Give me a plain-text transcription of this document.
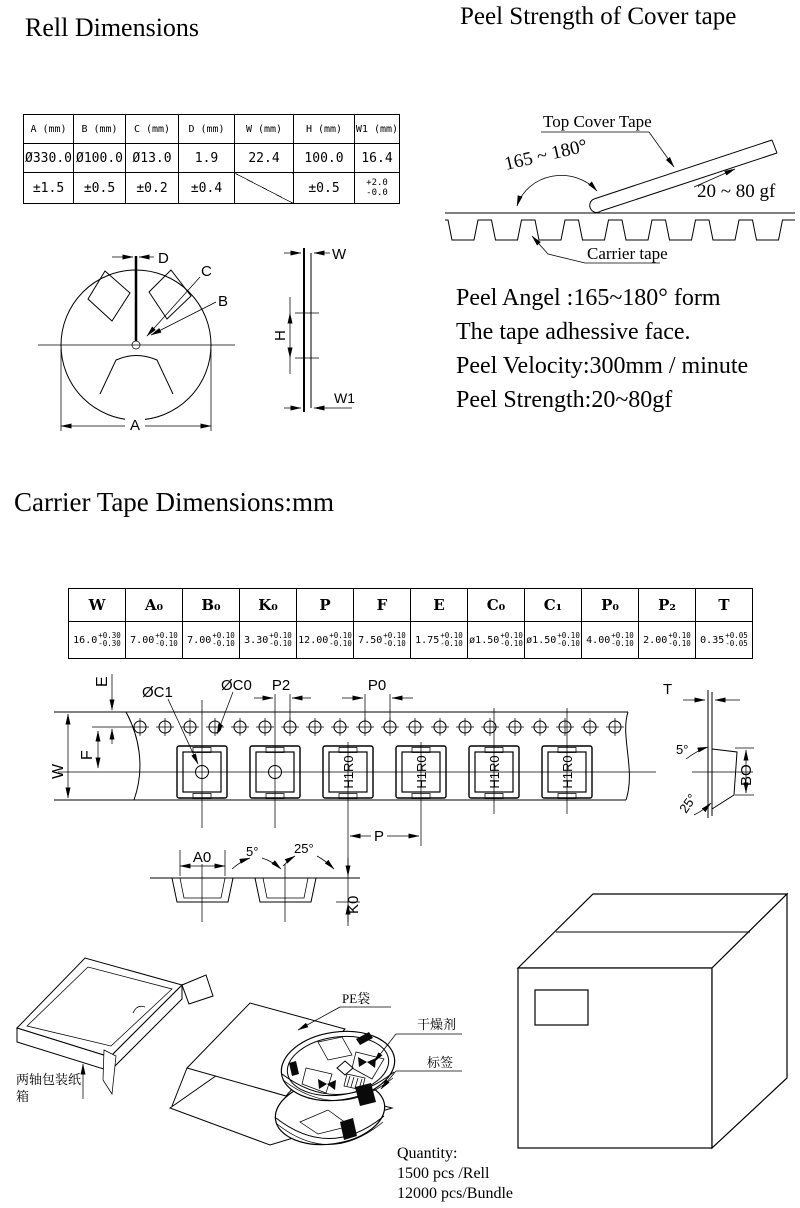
Rell Dimensions	Peel Strength of Cover tape
Carrier Tape Dimensions:mm
A (mm)	B (mm)	C (mm)	D (mm)	W (mm)	H (mm)	W1 (mm)
Ø330.0	Ø100.0	Ø13.0	1.9	22.4	100.0	16.4
±1.5	±0.5	±0.2	±0.4		±0.5	+2.0
-0.0
W	A₀	B₀	K₀	P	F	E	C₀	C₁	P₀	P₂	T

16.0 +0.30
-0.30	7.00 +0.10
-0.10	7.00 +0.10
-0.10	3.30 +0.10
-0.10	12.00 +0.10
-0.10	7.50 +0.10
-0.10	1.75 +0.10
-0.10	ø1.50 +0.10
-0.10	ø1.50 +0.10
-0.10	4.00 +0.10
-0.10	2.00 +0.10
-0.10	0.35 +0.05
-0.05
Peel Angel :165~180° form
The tape adhessive face.
Peel Velocity:300mm / minute
Peel Strength:20~80gf
Quantity:
1500 pcs /Rell
12000 pcs/Bundle
D
C
B
A
W
H
W1
165 ~ 180°
Top Cover Tape
20 ~ 80 gf
Carrier tape
W
E
F
H1R0	H1R0	H1R0	H1R0
ØC1	ØC0 P2	P0
P
T
5°
25°
BO
A0	5°	25°
K0
PE袋
干燥剂
标签
两轴包装纸
箱
